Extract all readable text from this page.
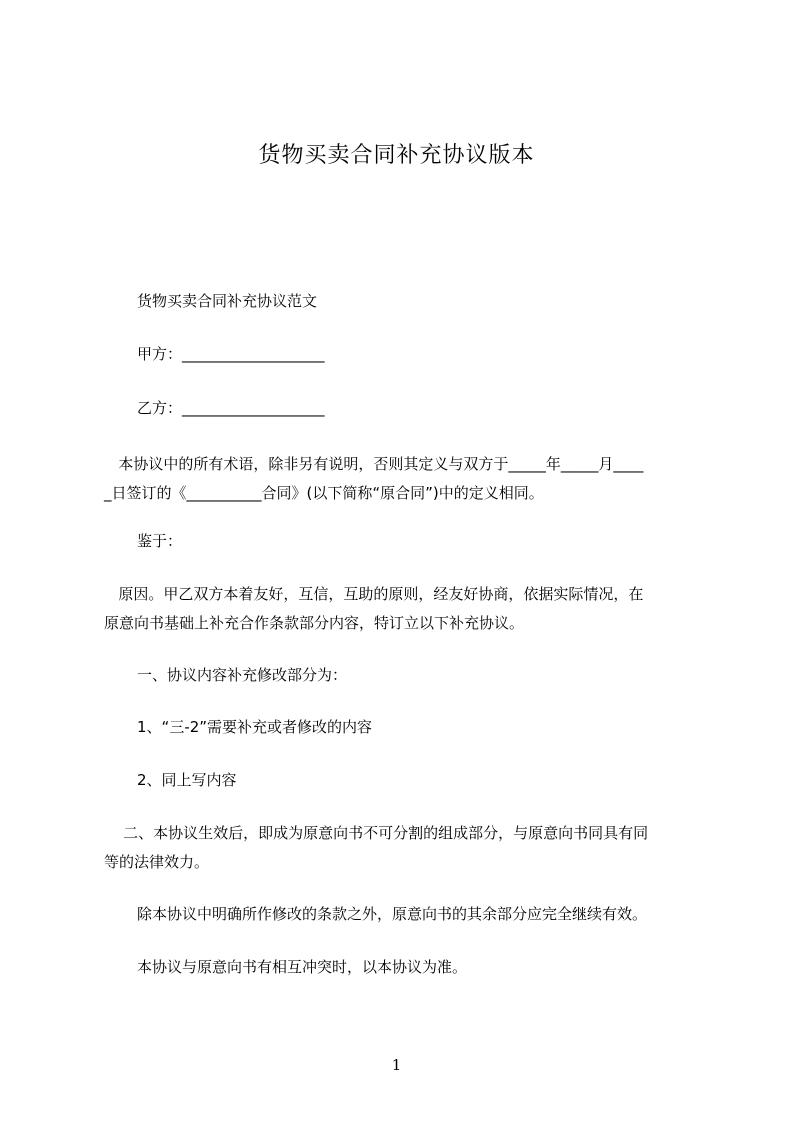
货物买卖合同补充协议版本
货物买卖合同补充协议范文
甲方：___________________
乙方：___________________
本协议中的所有术语，除非另有说明，否则其定义与双方于_____年_____月____
_日签订的《__________合同》(以下简称“原合同”)中的定义相同。
鉴于：
原因。甲乙双方本着友好，互信，互助的原则，经友好协商，依据实际情况，在
原意向书基础上补充合作条款部分内容，特订立以下补充协议。
一、协议内容补充修改部分为：
1、“三-2”需要补充或者修改的内容
2、同上写内容
二、本协议生效后，即成为原意向书不可分割的组成部分，与原意向书同具有同
等的法律效力。
除本协议中明确所作修改的条款之外，原意向书的其余部分应完全继续有效。
本协议与原意向书有相互冲突时，以本协议为准。
1
